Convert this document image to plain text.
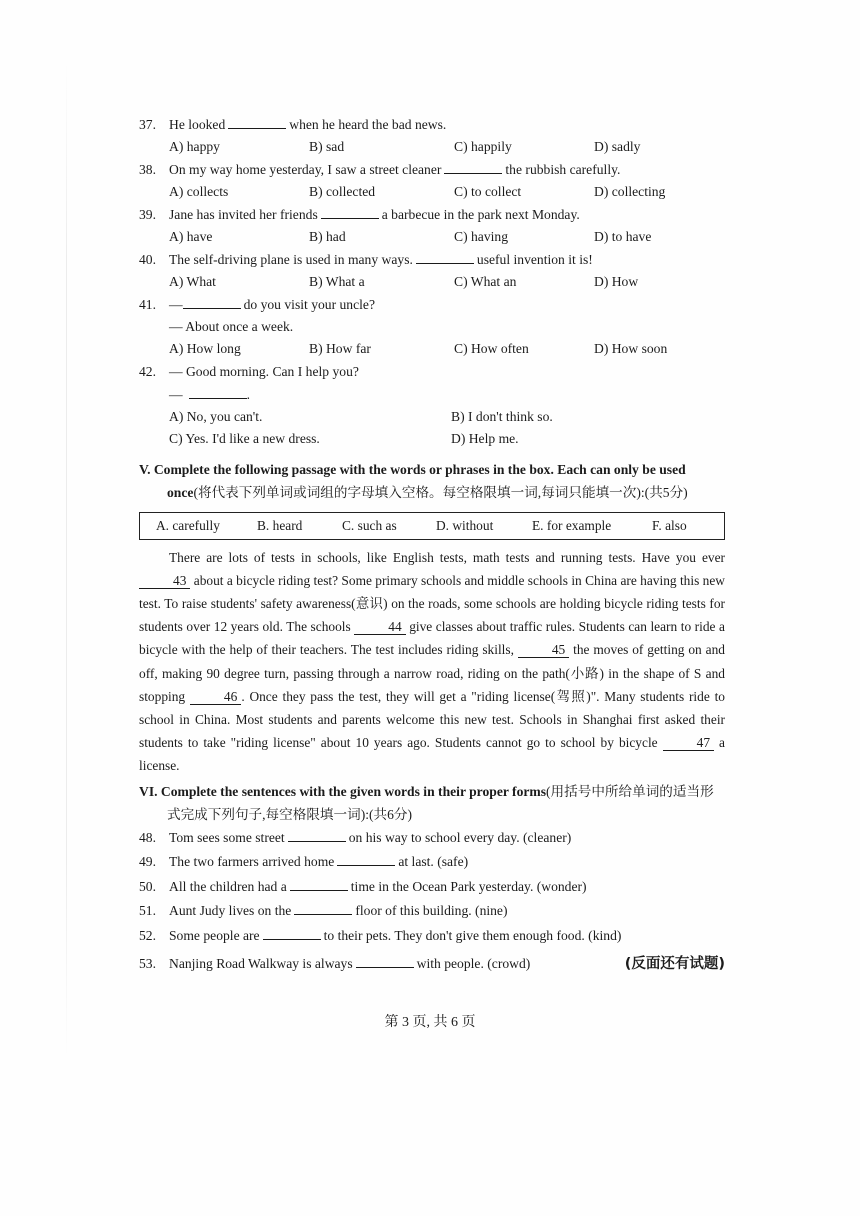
37. He looked	when he heard the bad news.
A) happy	B) sad	C) happily	D) sadly
38. On my way home yesterday, I saw a street cleaner	the rubbish carefully.
A) collects	B) collected	C) to collect	D) collecting
39. Jane has invited her friends	a barbecue in the park next Monday.
A) have	B) had	C) having	D) to have
40. The self-driving plane is used in many ways.	useful invention it is!
A) What	B) What a	C) What an	D) How
41. —	do you visit your uncle?
— About once a week.
A) How long	B) How far	C) How often	D) How soon
42. — Good morning. Can I help you?
—	.
A) No, you can't.	B) I don't think so.
C) Yes. I'd like a new dress.	D) Help me.
V. Complete the following passage with the words or phrases in the box. Each can only be used once(将代表下列单词或词组的字母填入空格。每空格限填一词,每词只能填一次):(共5分)
A. carefully	B. heard	C. such as	D. without	E. for example	F. also

There are lots of tests in schools, like English tests, math tests and running tests. Have you ever 43 about a bicycle riding test? Some primary schools and middle schools in China are having this new test. To raise students' safety awareness(意识) on the roads, some schools are holding bicycle riding tests for students over 12 years old. The schools	44 give classes about traffic rules. Students can learn to ride a bicycle with the help of their teachers. The test includes riding skills,	45 the moves of getting on and off, making 90 degree turn, passing through a narrow road, riding on the path(小路) in the shape of S and stopping	46 . Once they pass the test, they will get a "riding license(驾照)". Many students ride to school in China. Most students and parents welcome this new test. Schools in Shanghai first asked their students to take "riding license" about 10 years ago. Students cannot go to school by bicycle	47 a license.

VI. Complete the sentences with the given words in their proper forms(用括号中所给单词的适当形式完成下列句子,每空格限填一词):(共6分)
48. Tom sees some street	on his way to school every day. (cleaner)
49. The two farmers arrived home	at last. (safe)
50. All the children had a	time in the Ocean Park yesterday. (wonder)
51. Aunt Judy lives on the	floor of this building. (nine)
52. Some people are	to their pets. They don't give them enough food. (kind)
53. Nanjing Road Walkway is always	with people. (crowd)	(反面还有试题)
第 3 页, 共 6 页
